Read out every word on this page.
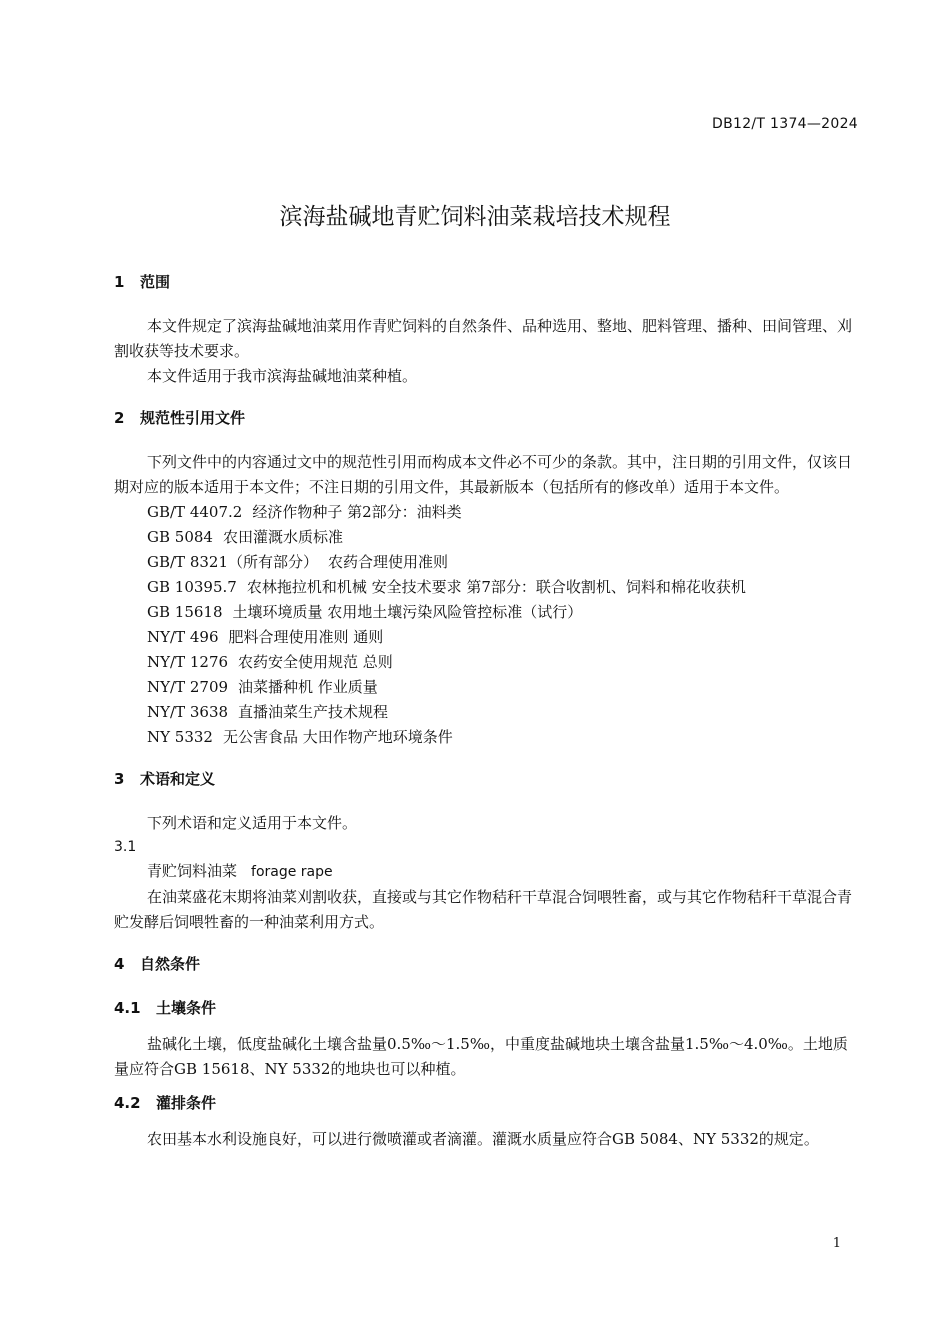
DB12/T 1374—2024
滨海盐碱地青贮饲料油菜栽培技术规程
1 范围

本文件规定了滨海盐碱地油菜用作青贮饲料的自然条件、品种选用、整地、肥料管理、播种、田间管理、刈割收获等技术要求。

本文件适用于我市滨海盐碱地油菜种植。

2 规范性引用文件

下列文件中的内容通过文中的规范性引用而构成本文件必不可少的条款。其中，注日期的引用文件，仅该日期对应的版本适用于本文件；不注日期的引用文件，其最新版本（包括所有的修改单）适用于本文件。

GB/T 4407.2 经济作物种子 第2部分：油料类
GB 5084 农田灌溉水质标准
GB/T 8321（所有部分） 农药合理使用准则
GB 10395.7 农林拖拉机和机械 安全技术要求 第7部分：联合收割机、饲料和棉花收获机
GB 15618 土壤环境质量 农用地土壤污染风险管控标准（试行）
NY/T 496 肥料合理使用准则 通则
NY/T 1276 农药安全使用规范 总则
NY/T 2709 油菜播种机 作业质量
NY/T 3638 直播油菜生产技术规程
NY 5332 无公害食品 大田作物产地环境条件
3 术语和定义

下列术语和定义适用于本文件。

3.1
青贮饲料油菜 forage rape

在油菜盛花末期将油菜刈割收获，直接或与其它作物秸秆干草混合饲喂牲畜，或与其它作物秸秆干草混合青贮发酵后饲喂牲畜的一种油菜利用方式。

4 自然条件
4.1 土壤条件

盐碱化土壤，低度盐碱化土壤含盐量0.5‰～1.5‰，中重度盐碱地块土壤含盐量1.5‰～4.0‰。土地质量应符合GB 15618、NY 5332的地块也可以种植。

4.2 灌排条件

农田基本水利设施良好，可以进行微喷灌或者滴灌。灌溉水质量应符合GB 5084、NY 5332的规定。

1
